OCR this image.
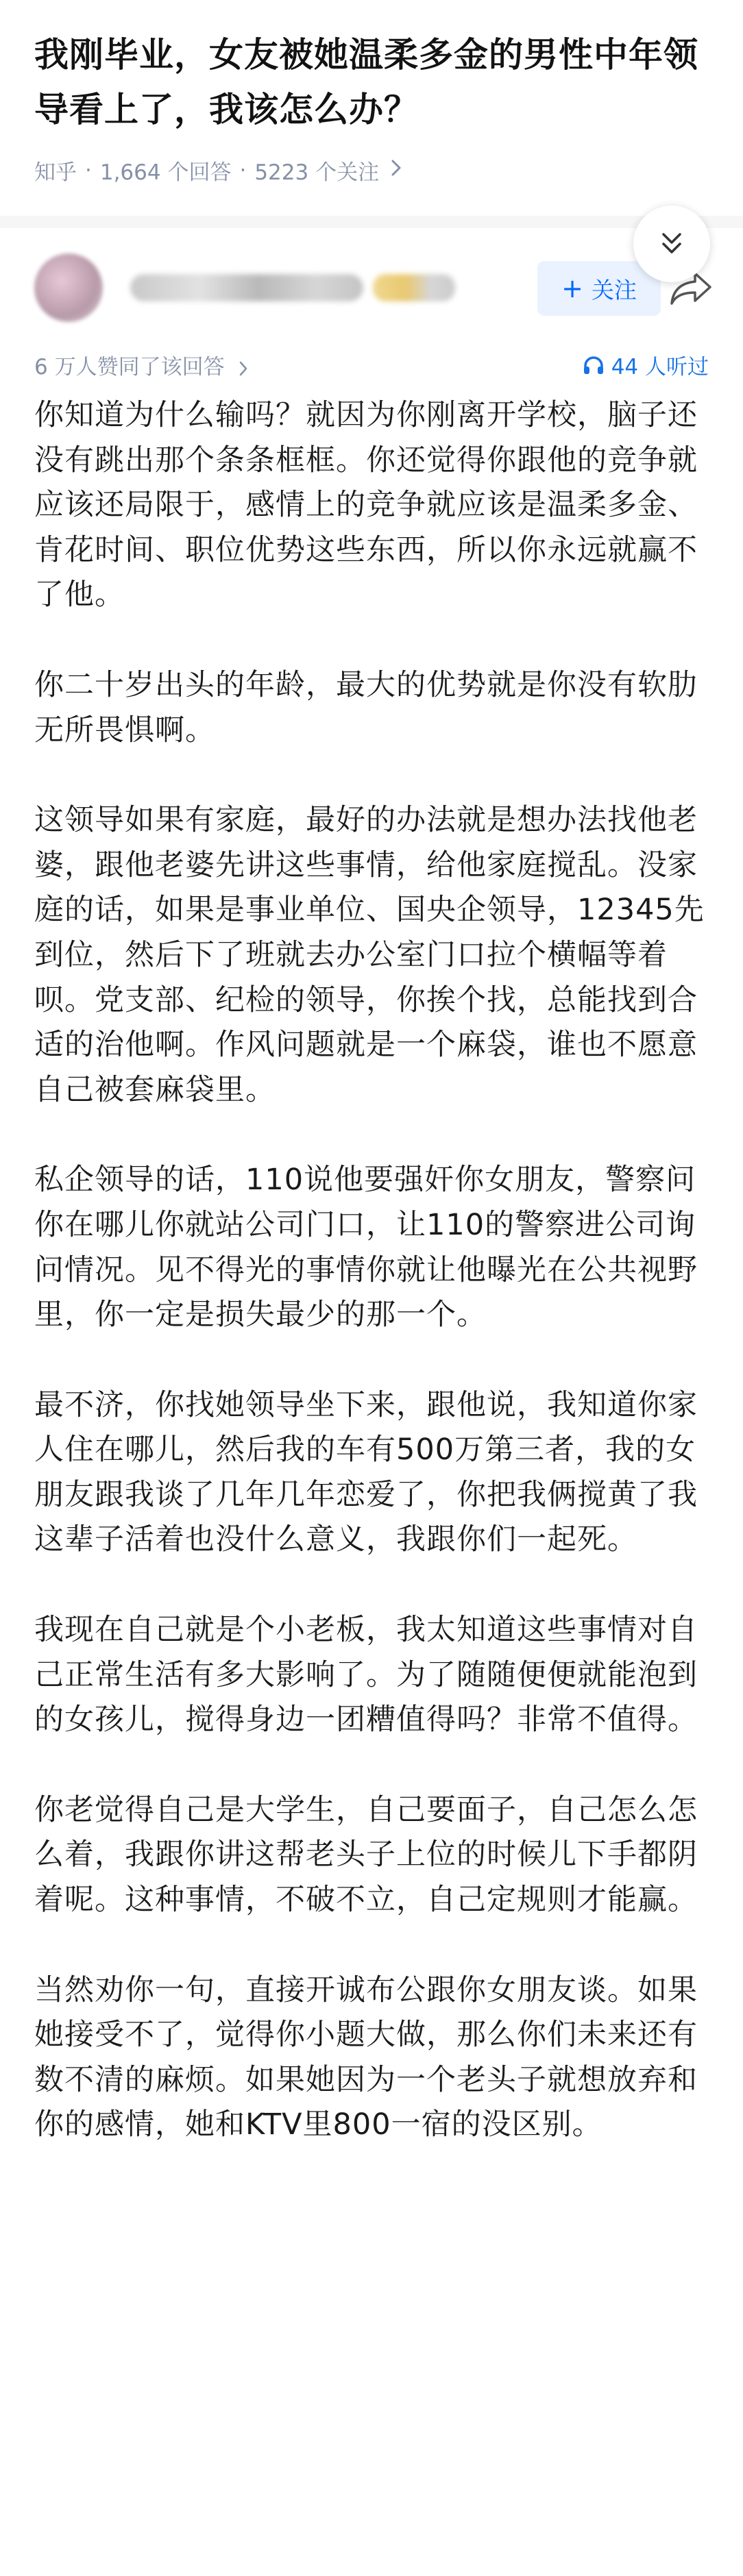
我刚毕业，女友被她温柔多金的男性中年领导看上了，我该怎么办？
知乎 · 1,664 个回答 · 5223 个关注
+ 关注
6 万人赞同了该回答	44 人听过

你知道为什么输吗？就因为你刚离开学校，脑子还没有跳出那个条条框框。你还觉得你跟他的竞争就应该还局限于，感情上的竞争就应该是温柔多金、肯花时间、职位优势这些东西，所以你永远就赢不了他。

你二十岁出头的年龄，最大的优势就是你没有软肋无所畏惧啊。

这领导如果有家庭，最好的办法就是想办法找他老婆，跟他老婆先讲这些事情，给他家庭搅乱。没家庭的话，如果是事业单位、国央企领导，12345先到位，然后下了班就去办公室门口拉个横幅等着呗。党支部、纪检的领导，你挨个找，总能找到合适的治他啊。作风问题就是一个麻袋，谁也不愿意自己被套麻袋里。

私企领导的话，110说他要强奸你女朋友，警察问你在哪儿你就站公司门口，让110的警察进公司询问情况。见不得光的事情你就让他曝光在公共视野里，你一定是损失最少的那一个。

最不济，你找她领导坐下来，跟他说，我知道你家人住在哪儿，然后我的车有500万第三者，我的女朋友跟我谈了几年几年恋爱了，你把我俩搅黄了我这辈子活着也没什么意义，我跟你们一起死。

我现在自己就是个小老板，我太知道这些事情对自己正常生活有多大影响了。为了随随便便就能泡到的女孩儿，搅得身边一团糟值得吗？非常不值得。

你老觉得自己是大学生，自己要面子，自己怎么怎么着，我跟你讲这帮老头子上位的时候儿下手都阴着呢。这种事情，不破不立，自己定规则才能赢。

当然劝你一句，直接开诚布公跟你女朋友谈。如果她接受不了，觉得你小题大做，那么你们未来还有数不清的麻烦。如果她因为一个老头子就想放弃和你的感情，她和KTV里800一宿的没区别。
